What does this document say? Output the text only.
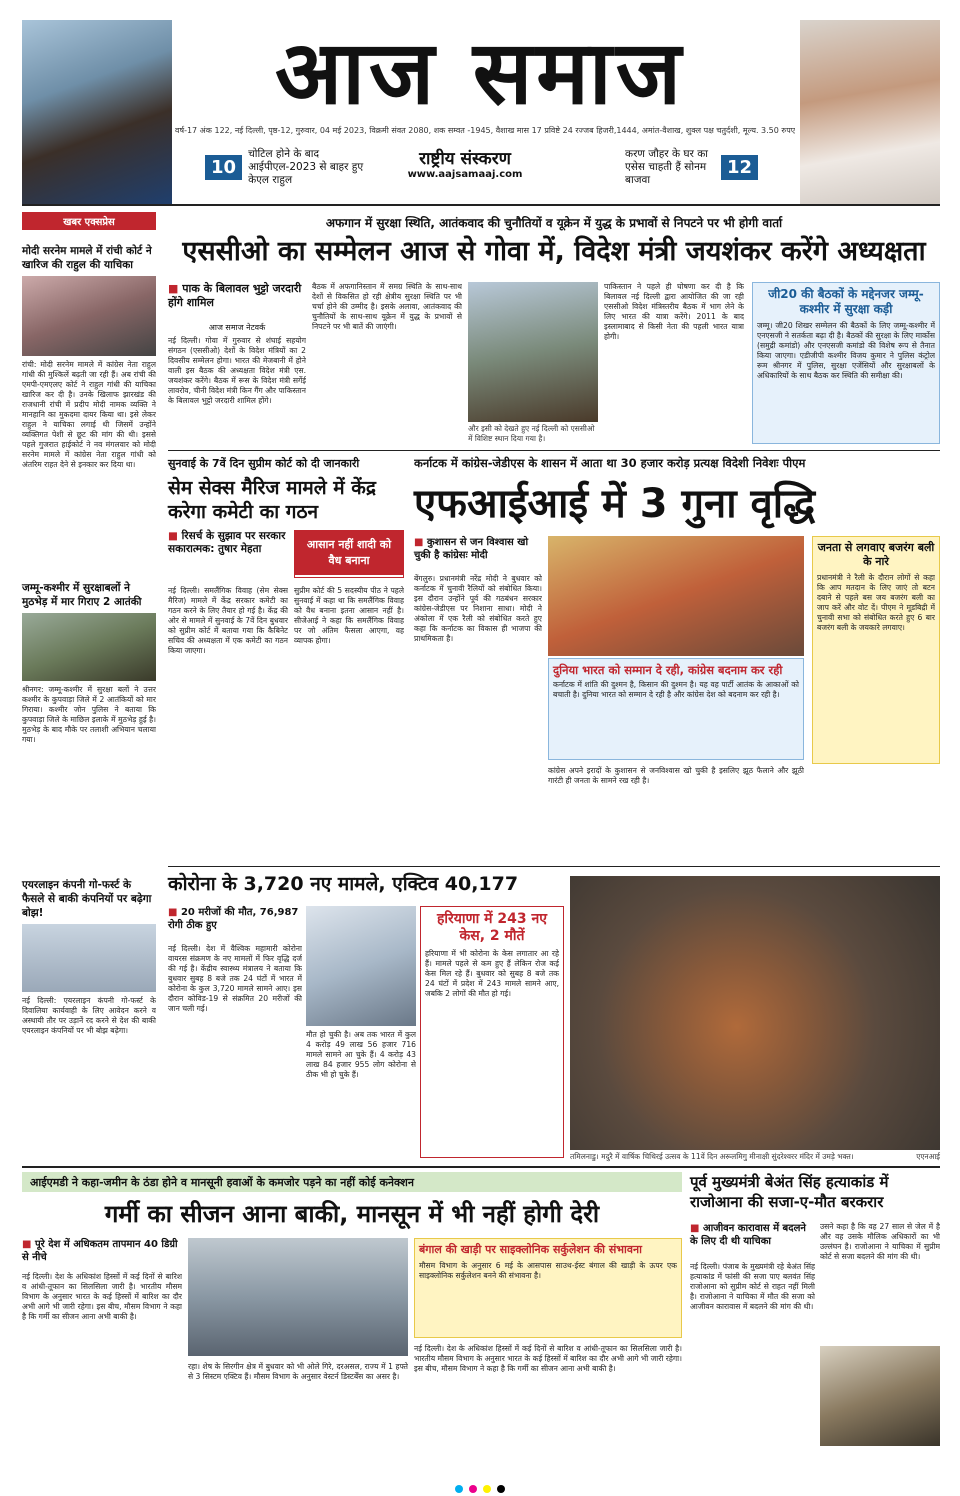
आज समाज
वर्ष-17 अंक 122, नई दिल्ली, पृष्ठ-12, गुरुवार, 04 मई 2023, विक्रमी संवत 2080, शक सम्वत -1945, वैशाख मास 17 प्रविष्टे 24 रज्जब हिजरी,1444, अमांत-वैशाख, शुक्ल पक्ष चतुर्दशी, मूल्य. 3.50 रुपए
10
चोटिल होने के बाद आईपीएल-2023 से बाहर हुए केएल राहुल
राष्ट्रीय संस्करण
www.aajsamaaj.com
करण जौहर के घर का एसेस चाहती हैं सोनम बाजवा
12
खबर एक्सप्रेस
मोदी सरनेम मामले में रांची कोर्ट ने खारिज की राहुल की याचिका
रांची: मोदी सरनेम मामले में कांग्रेस नेता राहुल गांधी की मुश्किलें बढ़ती जा रही हैं। अब रांची की एमपी-एमएलए कोर्ट ने राहुल गांधी की याचिका खारिज कर दी है। उनके खिलाफ झारखंड की राजधानी रांची में प्रदीप मोदी नामक व्यक्ति ने मानहानि का मुकदमा दायर किया था। इसे लेकर राहुल ने याचिका लगाई थी जिसमें उन्होंने व्यक्तिगत पेशी से छूट की मांग की थी। इससे पहले गुजरात हाईकोर्ट ने नव मंगलवार को मोदी सरनेम मामले में कांग्रेस नेता राहुल गांधी को अंतरिम राहत देने से इनकार कर दिया था।
जम्मू-कश्मीर में सुरक्षाबलों ने मुठभेड़ में मार गिराए 2 आतंकी
श्रीनगर: जम्मू-कश्मीर में सुरक्षा बलों ने उत्तर कश्मीर के कुपवाड़ा जिले में 2 आतंकियों को मार गिराया। कश्मीर जोन पुलिस ने बताया कि कुपवाड़ा जिले के माछिल इलाके में मुठभेड़ हुई है। मुठभेड़ के बाद मौके पर तलाशी अभियान चलाया गया।
एयरलाइन कंपनी गो-फर्स्ट के फैसले से बाकी कंपनियों पर बढ़ेगा बोझ!
नई दिल्ली: एयरलाइन कंपनी गो-फर्स्ट के दिवालिया कार्यवाही के लिए आवेदन करने व अस्थायी तौर पर उड़ानें रद करने से देश की बाकी एयरलाइन कंपनियों पर भी बोझ बढ़ेगा।
अफगान में सुरक्षा स्थिति, आतंकवाद की चुनौतियों व यूक्रेन में युद्ध के प्रभावों से निपटने पर भी होगी वार्ता
एससीओ का सम्मेलन आज से गोवा में, विदेश मंत्री जयशंकर करेंगे अध्यक्षता
■ पाक के बिलावल भुट्टो जरदारी होंगे शामिल
आज समाज नेटवर्क
नई दिल्ली। गोवा में गुरुवार से शंघाई सहयोग संगठन (एससीओ) देशों के विदेश मंत्रियों का 2 दिवसीय सम्मेलन होगा। भारत की मेजबानी में होने वाली इस बैठक की अध्यक्षता विदेश मंत्री एस. जयशंकर करेंगे। बैठक में रूस के विदेश मंत्री सर्गेई लावरोव, चीनी विदेश मंत्री किन गैंग और पाकिस्तान के बिलावल भुट्टो जरदारी शामिल होंगे।
बैठक में अफगानिस्तान में समग्र स्थिति के साथ-साथ देशों से विकसित हो रही क्षेत्रीय सुरक्षा स्थिति पर भी चर्चा होने की उम्मीद है। इसके अलावा, आतंकवाद की चुनौतियों के साथ-साथ यूक्रेन में युद्ध के प्रभावों से निपटने पर भी बातें की जाएंगी।
और इसी को देखते हुए नई दिल्ली को एससीओ में विशिष्ट स्थान दिया गया है।
पाकिस्तान ने पहले ही घोषणा कर दी है कि बिलावल नई दिल्ली द्वारा आयोजित की जा रही एससीओ विदेश मंत्रिस्तरीय बैठक में भाग लेने के लिए भारत की यात्रा करेंगे। 2011 के बाद इस्लामाबाद से किसी नेता की पहली भारत यात्रा होगी।
जी20 की बैठकों के मद्देनजर जम्मू-कश्मीर में सुरक्षा कड़ी
जम्मू। जी20 शिखर सम्मेलन की बैठकों के लिए जम्मू-कश्मीर में एनएसजी ने सतर्कता बढ़ा दी है। बैठकों की सुरक्षा के लिए मार्कोस (समुद्री कमांडो) और एनएसजी कमांडो की विशेष रूप से तैनात किया जाएगा। एडीजीपी कश्मीर विजय कुमार ने पुलिस कंट्रोल रूम श्रीनगर में पुलिस, सुरक्षा एजेंसियों और सुरक्षाबलों के अधिकारियों के साथ बैठक कर स्थिति की समीक्षा की।
सुनवाई के 7वें दिन सुप्रीम कोर्ट को दी जानकारी
सेम सेक्स मैरिज मामले में केंद्र करेगा कमेटी का गठन
■ रिसर्च के सुझाव पर सरकार सकारात्मक: तुषार मेहता	आसान नहीं शादी को वैध बनाना
नई दिल्ली। समलैंगिक विवाह (सेम सेक्स मैरिज) मामले में केंद्र सरकार कमेटी का गठन करने के लिए तैयार हो गई है। केंद्र की ओर से मामले में सुनवाई के 7वें दिन बुधवार को सुप्रीम कोर्ट में बताया गया कि कैबिनेट सचिव की अध्यक्षता में एक कमेटी का गठन किया जाएगा।
सुप्रीम कोर्ट की 5 सदस्यीय पीठ ने पहले सुनवाई में कहा था कि समलैंगिक विवाह को वैध बनाना इतना आसान नहीं है। सीजेआई ने कहा कि समलैंगिक विवाह पर जो अंतिम फैसला आएगा, वह व्यापक होगा।
कर्नाटक में कांग्रेस-जेडीएस के शासन में आता था 30 हजार करोड़ प्रत्यक्ष विदेशी निवेशः पीएम
एफआईआई में 3 गुना वृद्धि
■ कुशासन से जन विश्वास खो चुकी है कांग्रेसः मोदी
बेंगलुरु। प्रधानमंत्री नरेंद्र मोदी ने बुधवार को कर्नाटक में चुनावी रैलियों को संबोधित किया। इस दौरान उन्होंने पूर्व की गठबंधन सरकार कांग्रेस-जेडीएस पर निशाना साधा। मोदी ने अंकोला में एक रैली को संबोधित करते हुए कहा कि कर्नाटक का विकास ही भाजपा की प्राथमिकता है।
दुनिया भारत को सम्मान दे रही, कांग्रेस बदनाम कर रही
कर्नाटक में शांति की दुश्मन है, किसान की दुश्मन है। यह वह पार्टी आतंक के आकाओं को बचाती है। दुनिया भारत को सम्मान दे रही है और कांग्रेस देश को बदनाम कर रही है।
कांग्रेस अपने इरादों के कुशासन से जनविश्वास खो चुकी है इसलिए झूठ फैलाने और झूठी गारंटी ही जनता के सामने रख रही है।
जनता से लगवाए बजरंग बली के नारे
प्रधानमंत्री ने रैली के दौरान लोगों से कहा कि आप मतदान के लिए जाएं तो बटन दबाने से पहले बस जय बजरंग बली का जाप करें और वोट दें। पीएम ने मूडबिद्री में चुनावी सभा को संबोधित करते हुए 6 बार बजरंग बली के जयकारे लगवाए।
कोरोना के 3,720 नए मामले, एक्टिव 40,177
■ 20 मरीजों की मौत, 76,987 रोगी ठीक हुए
नई दिल्ली। देश में वैश्विक महामारी कोरोना वायरस संक्रमण के नए मामलों में फिर वृद्धि दर्ज की गई है। केंद्रीय स्वास्थ्य मंत्रालय ने बताया कि बुधवार सुबह 8 बजे तक 24 घंटों में भारत में कोरोना के कुल 3,720 मामले सामने आए। इस दौरान कोविड-19 से संक्रमित 20 मरीजों की जान चली गई।
मौत हो चुकी है। अब तक भारत में कुल 4 करोड़ 49 लाख 56 हजार 716 मामले सामने आ चुके हैं। 4 करोड़ 43 लाख 84 हजार 955 लोग कोरोना से ठीक भी हो चुके हैं।
हरियाणा में 243 नए केस, 2 मौतें
हरियाणा में भी कोरोना के केस लगातार आ रहे हैं। मामले पहले से कम हुए हैं लेकिन रोज कई केस मिल रहे हैं। बुधवार को सुबह 8 बजे तक 24 घंटों में प्रदेश में 243 मामले सामने आए, जबकि 2 लोगों की मौत हो गई।
तमिलनाडु। मदुरै में वार्षिक चिथिरई उत्सव के 11वें दिन अरूलमिगु मीनाक्षी सुंदरेश्वरर मंदिर में उमड़े भक्त।	एएनआई
आईएमडी ने कहा-जमीन के ठंडा होने व मानसूनी हवाओं के कमजोर पड़ने का नहीं कोई कनेक्शन
गर्मी का सीजन आना बाकी, मानसून में भी नहीं होगी देरी
■ पूरे देश में अधिकतम तापमान 40 डिग्री से नीचे
नई दिल्ली। देश के अधिकांश हिस्सों में कई दिनों से बारिश व आंधी-तूफान का सिलसिला जारी है। भारतीय मौसम विभाग के अनुसार भारत के कई हिस्सों में बारिश का दौर अभी आगे भी जारी रहेगा। इस बीच, मौसम विभाग ने कहा है कि गर्मी का सीजन आना अभी बाकी है।
रहा। शेष के सिरगीन क्षेत्र में बुधवार को भी ओले गिरे, दरअसल, राज्य में 1 हफ्ते से 3 सिस्टम एक्टिव हैं। मौसम विभाग के अनुसार वेस्टर्न डिस्टर्बेंस का असर है।
बंगाल की खाड़ी पर साइक्लोनिक सर्कुलेशन की संभावना
मौसम विभाग के अनुसार 6 मई के आसपास साउथ-ईस्ट बंगाल की खाड़ी के ऊपर एक साइक्लोनिक सर्कुलेशन बनने की संभावना है।
नई दिल्ली। देश के अधिकांश हिस्सों में कई दिनों से बारिश व आंधी-तूफान का सिलसिला जारी है। भारतीय मौसम विभाग के अनुसार भारत के कई हिस्सों में बारिश का दौर अभी आगे भी जारी रहेगा। इस बीच, मौसम विभाग ने कहा है कि गर्मी का सीजन आना अभी बाकी है।
पूर्व मुख्यमंत्री बेअंत सिंह हत्याकांड में राजोआना की सजा-ए-मौत बरकरार
■ आजीवन कारावास में बदलने के लिए दी थी याचिका
नई दिल्ली। पंजाब के मुख्यमंत्री रहे बेअंत सिंह हत्याकांड में फांसी की सजा पाए बलवंत सिंह राजोआना को सुप्रीम कोर्ट से राहत नहीं मिली है। राजोआना ने याचिका में मौत की सजा को आजीवन कारावास में बदलने की मांग की थी।
उसने कहा है कि वह 27 साल से जेल में है और वह उसके मौलिक अधिकारों का भी उल्लंघन है। राजोआना ने याचिका में सुप्रीम कोर्ट से सजा बदलने की मांग की थी।
